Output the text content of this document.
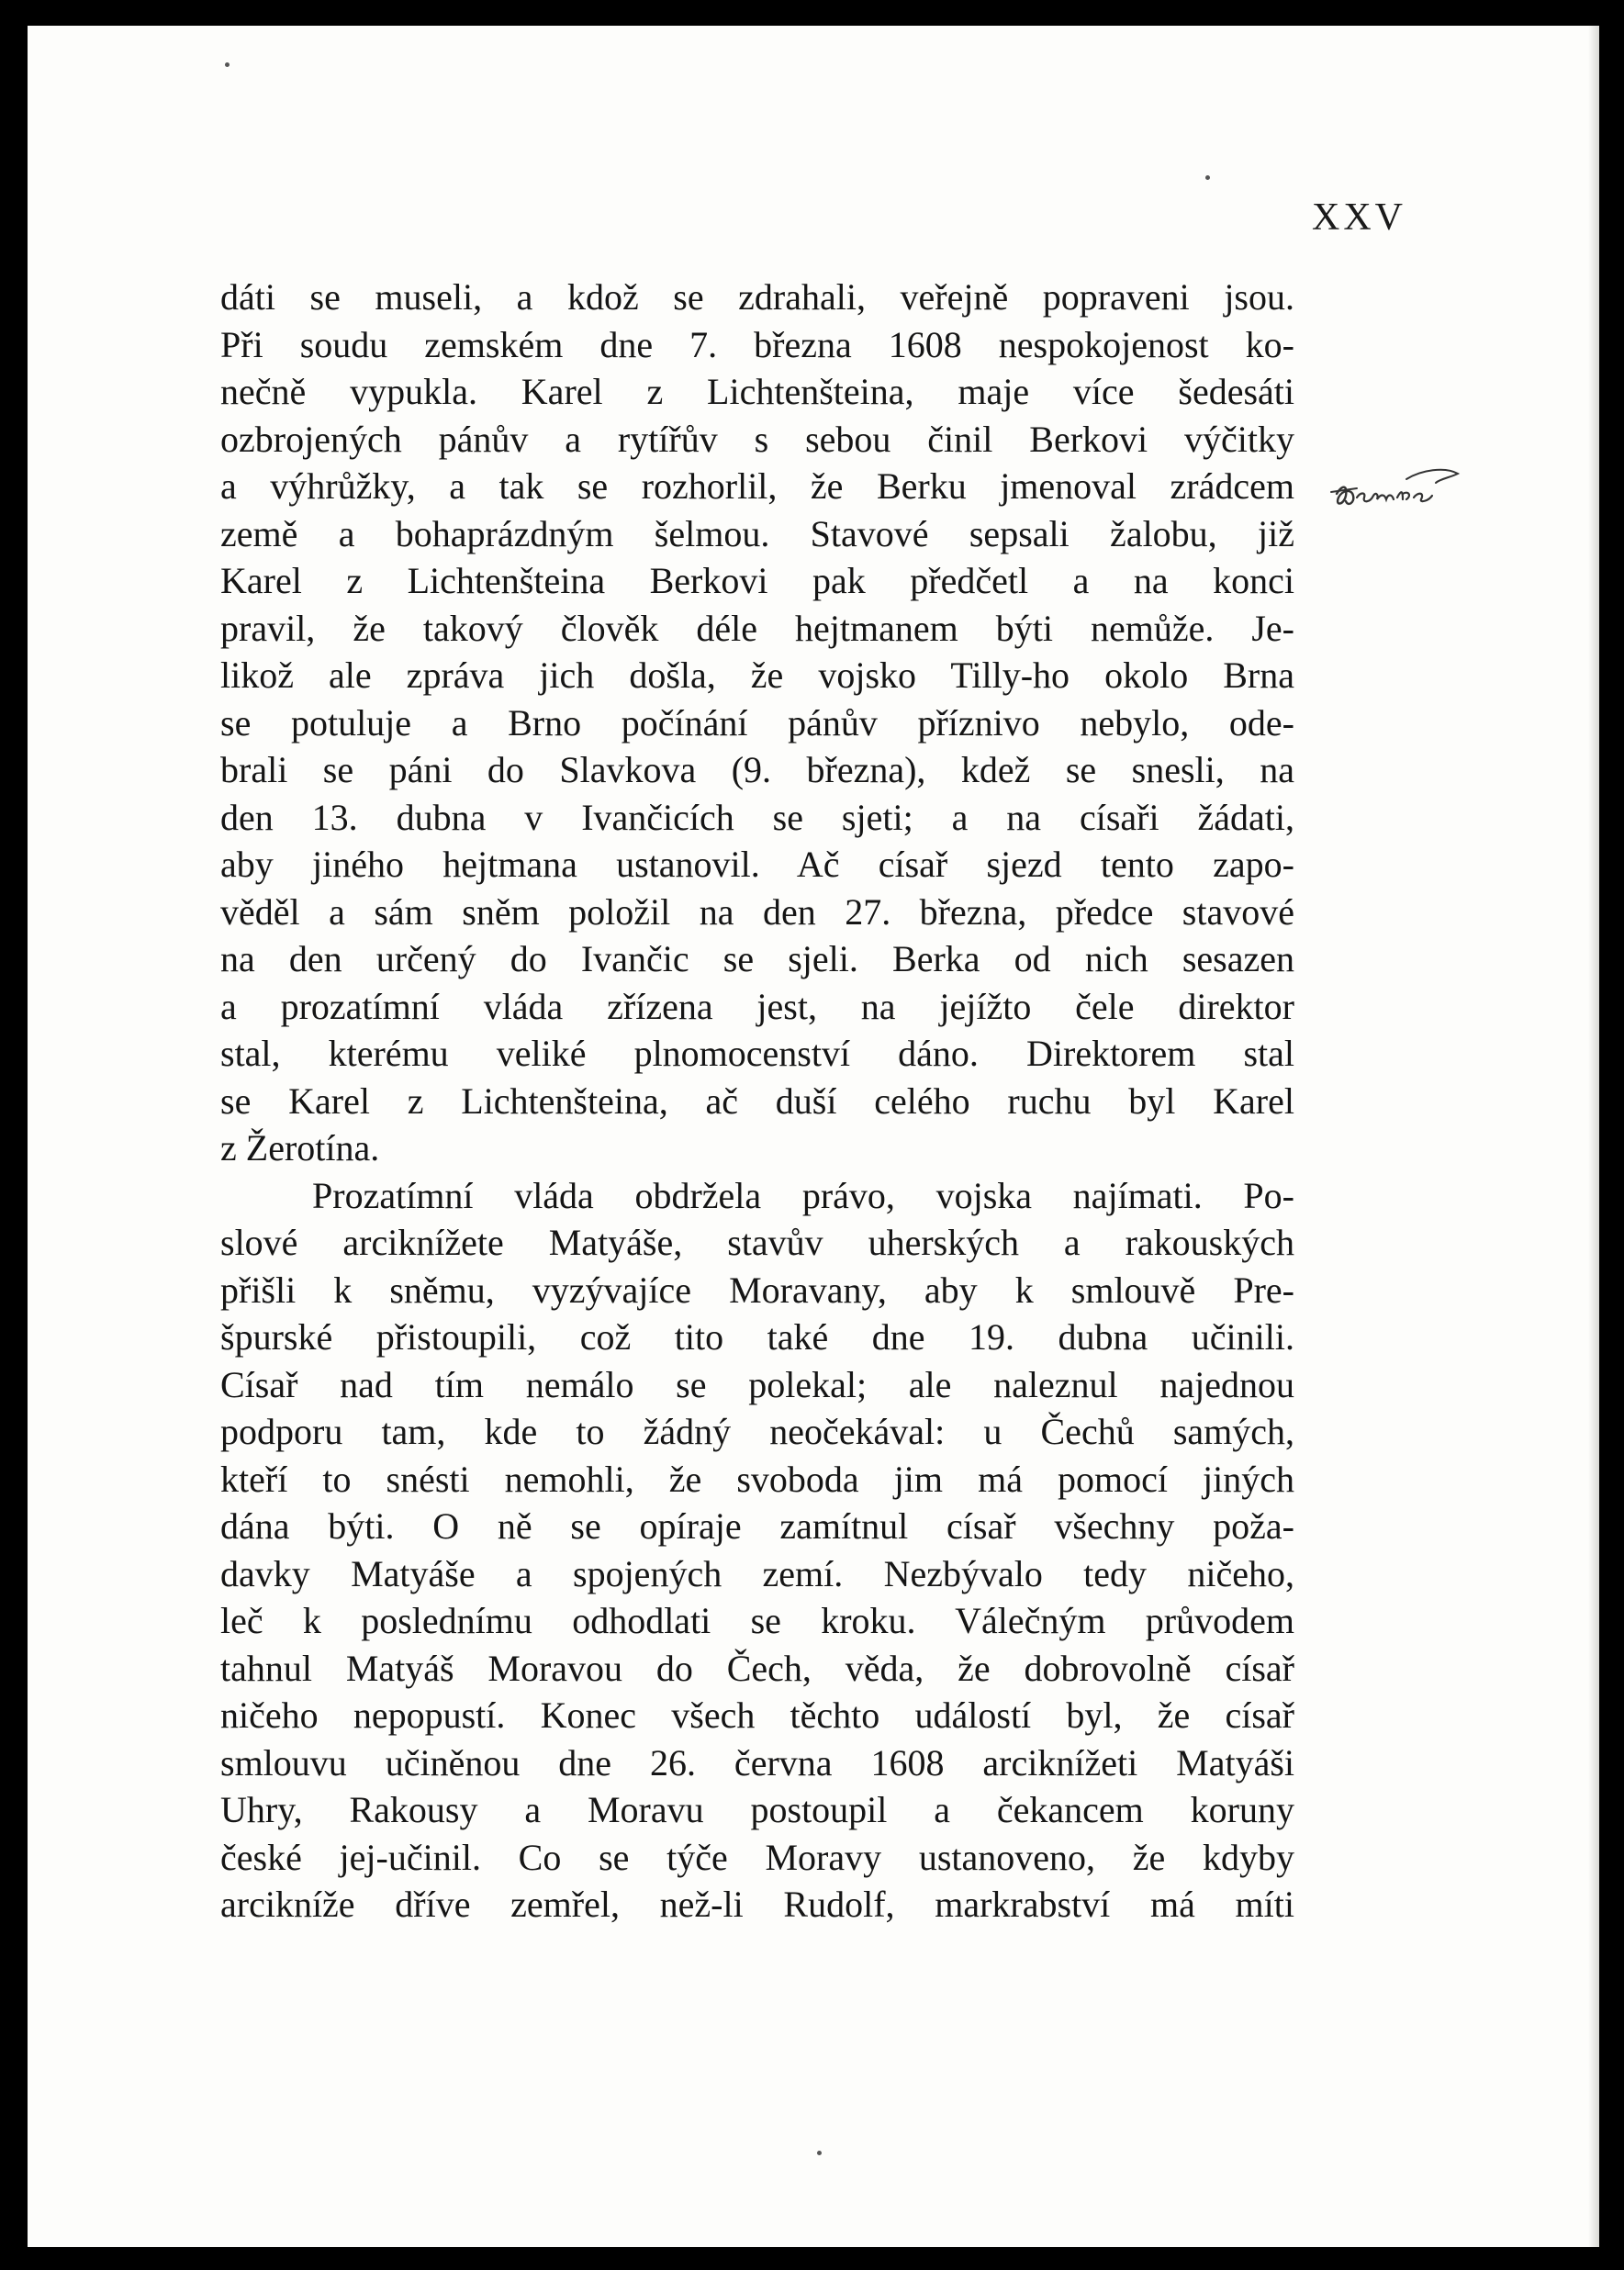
XXV
dáti se museli, a kdož se zdrahali, veřejně popraveni jsou.
Při soudu zemském dne 7. března 1608 nespokojenost ko-
nečně vypukla. Karel z Lichtenšteina, maje více šedesáti
ozbrojených pánův a rytířův s sebou činil Berkovi výčitky
a výhrůžky, a tak se rozhorlil, že Berku jmenoval zrádcem
země a bohaprázdným šelmou. Stavové sepsali žalobu, již
Karel z Lichtenšteina Berkovi pak předčetl a na konci
pravil, že takový člověk déle hejtmanem býti nemůže. Je-
likož ale zpráva jich došla, že vojsko Tilly-ho okolo Brna
se potuluje a Brno počínání pánův příznivo nebylo, ode-
brali se páni do Slavkova (9. března), kdež se snesli, na
den 13. dubna v Ivančicích se sjeti; a na císaři žádati,
aby jiného hejtmana ustanovil. Ač císař sjezd tento zapo-
věděl a sám sněm položil na den 27. března, předce stavové
na den určený do Ivančic se sjeli. Berka od nich sesazen
a prozatímní vláda zřízena jest, na jejížto čele direktor
stal, kterému veliké plnomocenství dáno. Direktorem stal
se Karel z Lichtenšteina, ač duší celého ruchu byl Karel
z Žerotína.
Prozatímní vláda obdržela právo, vojska najímati. Po-
slové arciknížete Matyáše, stavův uherských a rakouských
přišli k sněmu, vyzývajíce Moravany, aby k smlouvě Pre-
špurské přistoupili, což tito také dne 19. dubna učinili.
Císař nad tím nemálo se polekal; ale naleznul najednou
podporu tam, kde to žádný neočekával: u Čechů samých,
kteří to snésti nemohli, že svoboda jim má pomocí jiných
dána býti. O ně se opíraje zamítnul císař všechny poža-
davky Matyáše a spojených zemí. Nezbývalo tedy ničeho,
leč k poslednímu odhodlati se kroku. Válečným průvodem
tahnul Matyáš Moravou do Čech, věda, že dobrovolně císař
ničeho nepopustí. Konec všech těchto událostí byl, že císař
smlouvu učiněnou dne 26. června 1608 arciknížeti Matyáši
Uhry, Rakousy a Moravu postoupil a čekancem koruny
české jej-učinil. Co se týče Moravy ustanoveno, že kdyby
arcikníže dříve zemřel, než-li Rudolf, markrabství má míti
